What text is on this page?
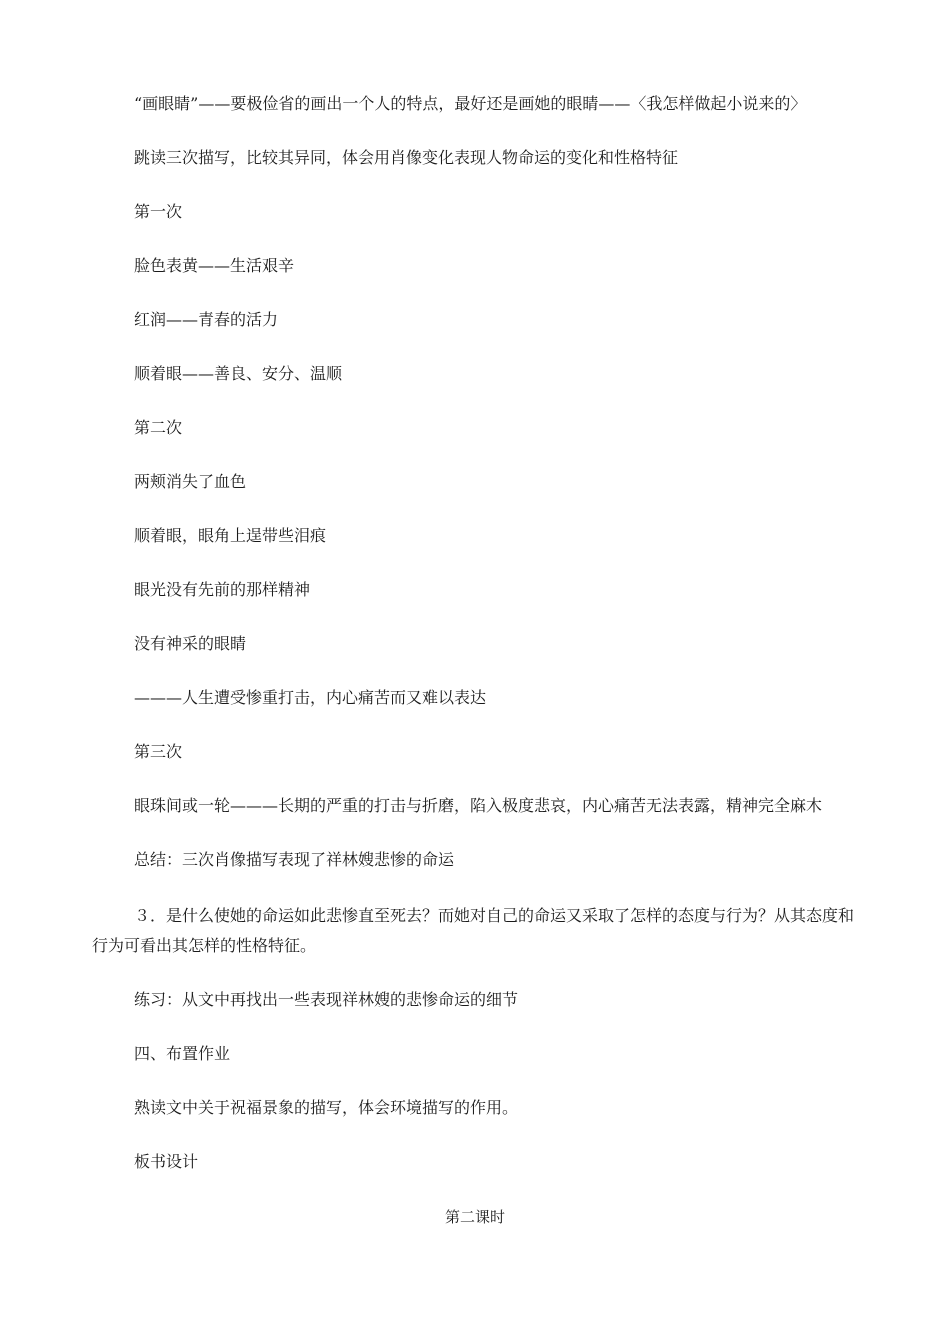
“画眼睛”——要极俭省的画出一个人的特点，最好还是画她的眼睛——〈我怎样做起小说来的〉
跳读三次描写，比较其异同，体会用肖像变化表现人物命运的变化和性格特征
第一次
脸色表黄——生活艰辛
红润——青春的活力
顺着眼——善良、安分、温顺
第二次
两颊消失了血色
顺着眼，眼角上逞带些泪痕
眼光没有先前的那样精神
没有神采的眼睛
———人生遭受惨重打击，内心痛苦而又难以表达
第三次
眼珠间或一轮———长期的严重的打击与折磨，陷入极度悲哀，内心痛苦无法表露，精神完全麻木
总结：三次肖像描写表现了祥林嫂悲惨的命运
３．是什么使她的命运如此悲惨直至死去？而她对自己的命运又采取了怎样的态度与行为？从其态度和行为可看出其怎样的性格特征。
练习：从文中再找出一些表现祥林嫂的悲惨命运的细节
四、布置作业
熟读文中关于祝福景象的描写，体会环境描写的作用。
板书设计
第二课时
